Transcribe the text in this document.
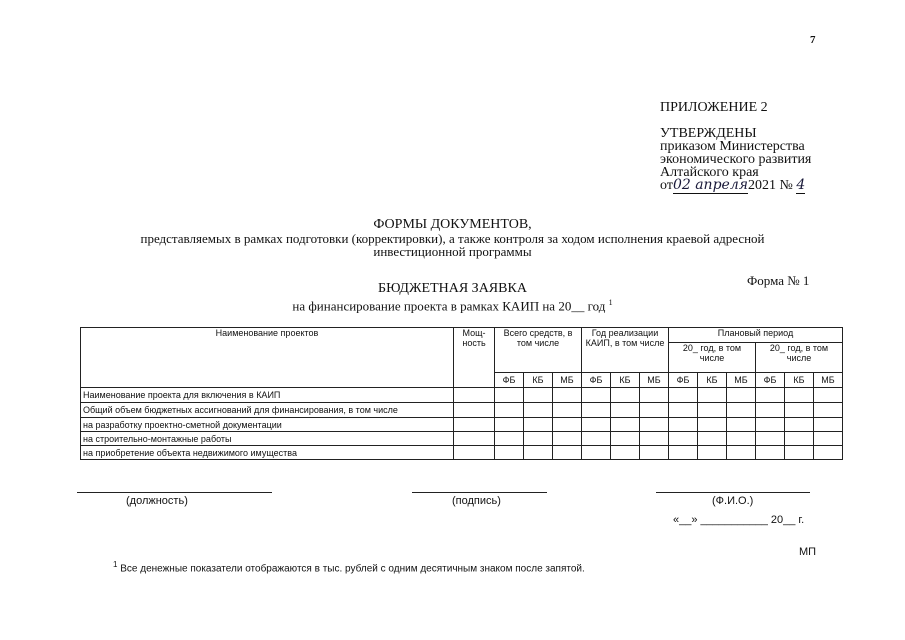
7
ПРИЛОЖЕНИЕ 2
УТВЕРЖДЕНЫ
приказом Министерства
экономического развития
Алтайского края
от02 апреля2021 № 4
ФОРМЫ ДОКУМЕНТОВ,
представляемых в рамках подготовки (корректировки), а также контроля за ходом исполнения краевой адресной
инвестиционной программы
Форма № 1
БЮДЖЕТНАЯ ЗАЯВКА
на финансирование проекта в рамках КАИП на 20__ год $^1$
Наименование проектов	Мощ-ность	Всего средств, в том числе			Год реализации КАИП, в том числе			Плановый период					
								20_ год, в том числе			20_ год, в том числе		
		ФБ	КБ	МБ	ФБ	КБ	МБ	ФБ	КБ	МБ	ФБ	КБ	МБ
Наименование проекта для включения в КАИП													
Общий объем бюджетных ассигнований для финансирования, в том числе													
на разработку проектно-сметной документации													
на строительно-монтажные работы													
на приобретение объекта недвижимого имущества													
(должность)	(подпись)	(Ф.И.О.)
«__» ___________ 20__ г.
МП
$^1$ Все денежные показатели отображаются в тыс. рублей с одним десятичным знаком после запятой.
